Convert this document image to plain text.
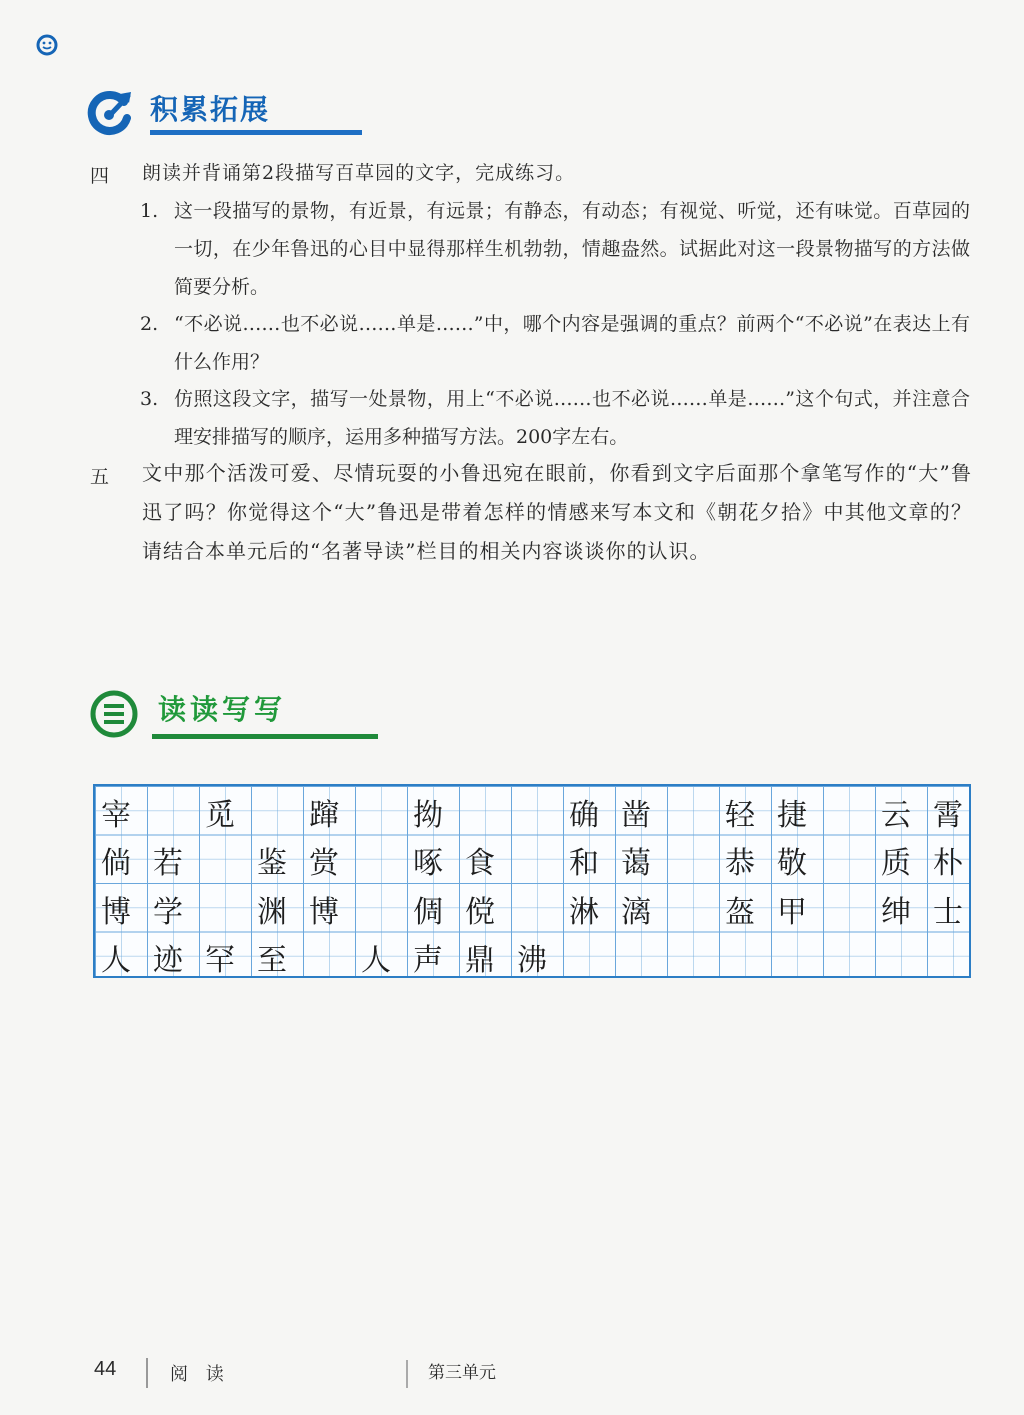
积累拓展
四 朗读并背诵第2段描写百草园的文字，完成练习。
1. 这一段描写的景物，有近景，有远景；有静态，有动态；有视觉、听觉，还有味觉。百草园的一切，在少年鲁迅的心目中显得那样生机勃勃，情趣盎然。试据此对这一段景物描写的方法做简要分析。
2. “不必说……也不必说……单是……”中，哪个内容是强调的重点？前两个“不必说”在表达上有什么作用？
3. 仿照这段文字，描写一处景物，用上“不必说……也不必说……单是……”这个句式，并注意合理安排描写的顺序，运用多种描写方法。200字左右。
五 文中那个活泼可爱、尽情玩耍的小鲁迅宛在眼前，你看到文字后面那个拿笔写作的“大”鲁迅了吗？你觉得这个“大”鲁迅是带着怎样的情感来写本文和《朝花夕拾》中其他文章的？请结合本单元后的“名著导读”栏目的相关内容谈谈你的认识。
读读写写
宰 觅 蹿 拗	确凿 轻捷 云霄
倘若 鉴赏 啄食 和蔼 恭敬 质朴
博学 渊博 倜傥 淋漓 盔甲 绅士
人迹罕至 人声鼎沸
44	阅 读	第三单元
